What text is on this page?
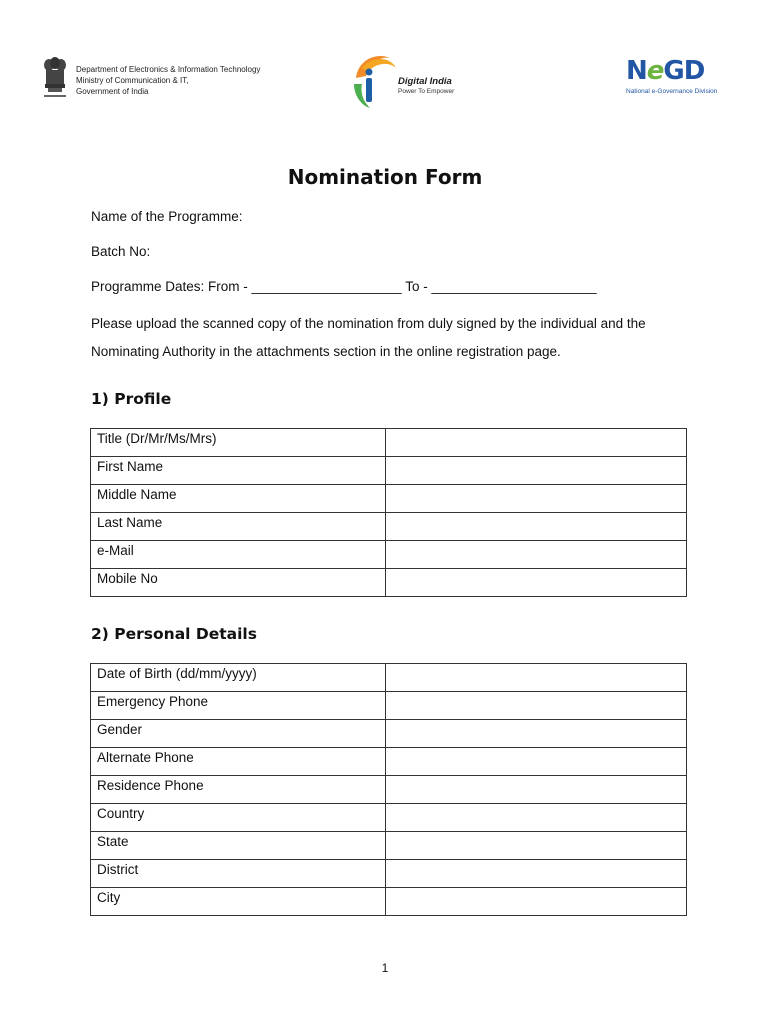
Department of Electronics & Information Technology
Ministry of Communication & IT,
Government of India
Digital India
Power To Empower
NeGD
National e-Governance Division
Nomination Form
Name of the Programme:
Batch No:
Programme Dates: From - ____________________ To - ______________________
Please upload the scanned copy of the nomination from duly signed by the individual and the
Nominating Authority in the attachments section in the online registration page.
1) Profile
Title (Dr/Mr/Ms/Mrs)	
First Name	
Middle Name	
Last Name	
e-Mail	
Mobile No	
2) Personal Details
Date of Birth (dd/mm/yyyy)	
Emergency Phone	
Gender	
Alternate Phone	
Residence Phone	
Country	
State	
District	
City	
1
